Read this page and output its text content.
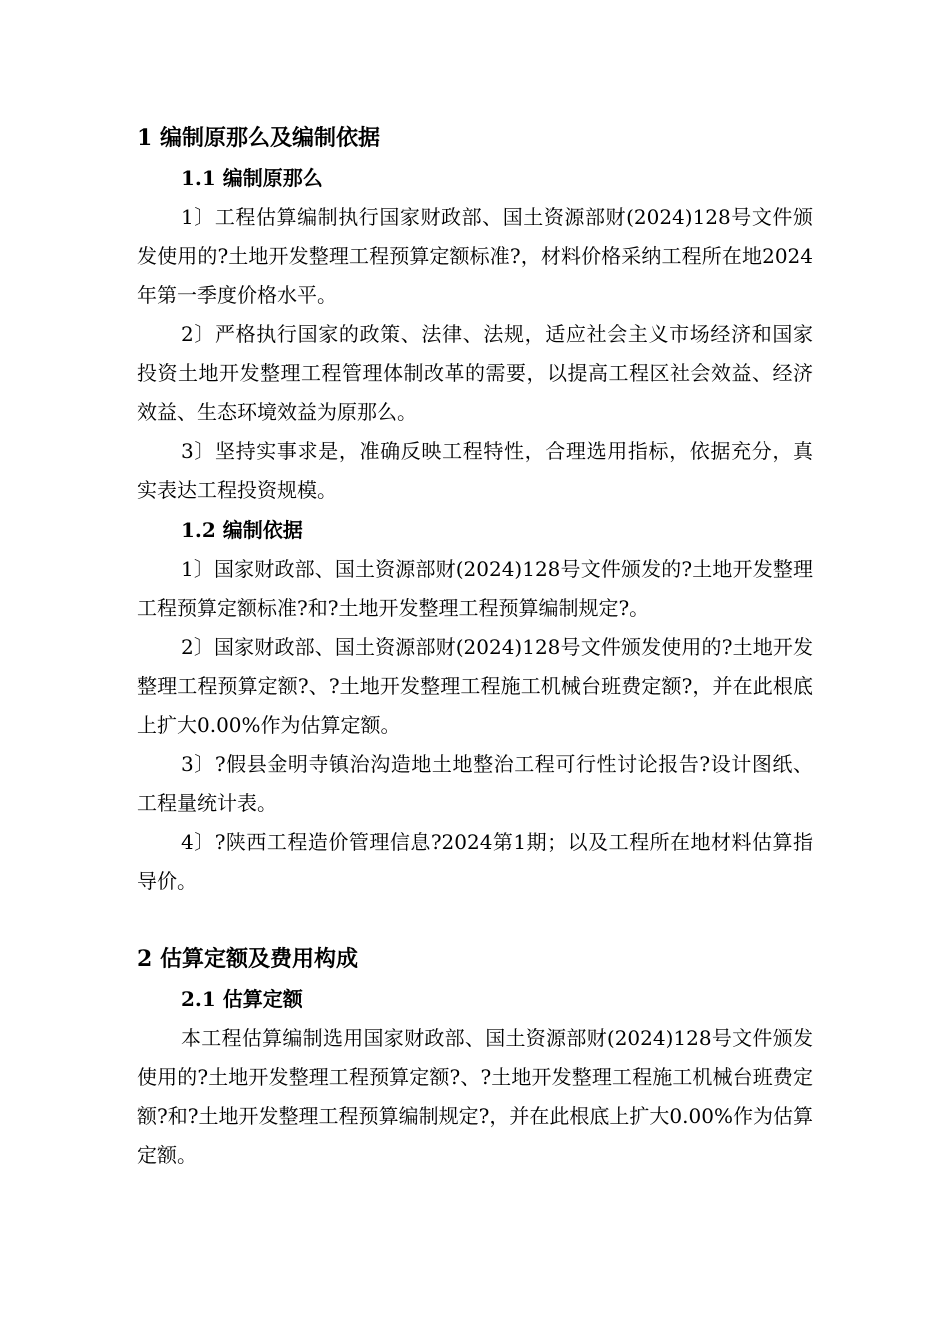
1 编制原那么及编制依据
1.1 编制原那么

1〕工程估算编制执行国家财政部、国土资源部财(2024)128号文件颁发使用的?土地开发整理工程预算定额标准?，材料价格采纳工程所在地2024年第一季度价格水平。

2〕严格执行国家的政策、法律、法规，适应社会主义市场经济和国家投资土地开发整理工程管理体制改革的需要，以提高工程区社会效益、经济效益、生态环境效益为原那么。

3〕坚持实事求是，准确反映工程特性，合理选用指标，依据充分，真实表达工程投资规模。

1.2 编制依据

1〕国家财政部、国土资源部财(2024)128号文件颁发的?土地开发整理工程预算定额标准?和?土地开发整理工程预算编制规定?。

2〕国家财政部、国土资源部财(2024)128号文件颁发使用的?土地开发整理工程预算定额?、?土地开发整理工程施工机械台班费定额?，并在此根底上扩大0.00%作为估算定额。

3〕?假县金明寺镇治沟造地土地整治工程可行性讨论报告?设计图纸、工程量统计表。

4〕?陕西工程造价管理信息?2024第1期；以及工程所在地材料估算指导价。

2 估算定额及费用构成
2.1 估算定额

本工程估算编制选用国家财政部、国土资源部财(2024)128号文件颁发使用的?土地开发整理工程预算定额?、?土地开发整理工程施工机械台班费定额?和?土地开发整理工程预算编制规定?，并在此根底上扩大0.00%作为估算定额。
